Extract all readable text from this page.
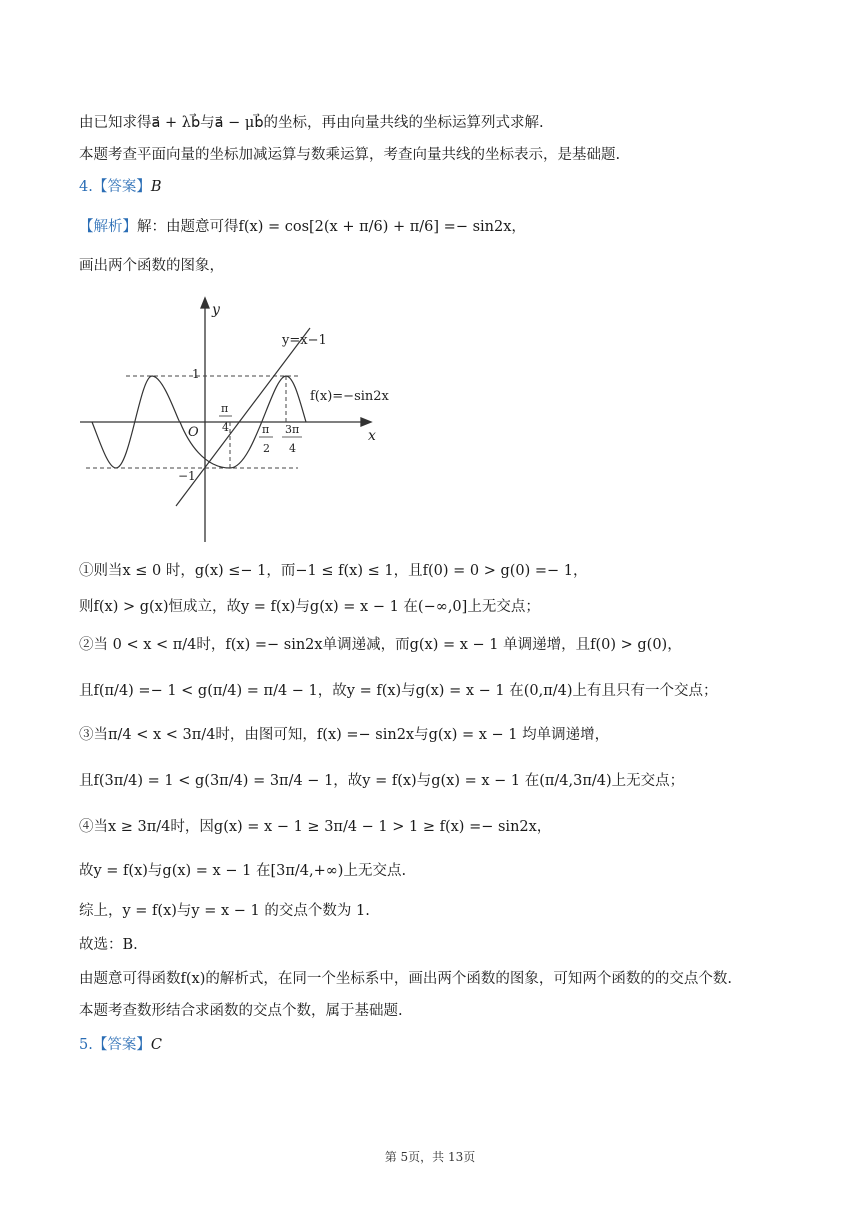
由已知求得a⃗ + λb⃗与a⃗ − μb⃗的坐标，再由向量共线的坐标运算列式求解.
本题考查平面向量的坐标加减运算与数乘运算，考查向量共线的坐标表示，是基础题.
4.【答案】B
【解析】解：由题意可得f(x) = cos[2(x + π/6) + π/6] =− sin2x，
画出两个函数的图象，
y
x
O
1
−1
y=x−1
f(x)=−sin2x
π
4	π
2
3π
4
①则当x ≤ 0 时，g(x) ≤− 1，而−1 ≤ f(x) ≤ 1，且f(0) = 0 > g(0) =− 1，
则f(x) > g(x)恒成立，故y = f(x)与g(x) = x − 1 在(−∞,0]上无交点；
②当 0 < x < π/4时，f(x) =− sin2x单调递减，而g(x) = x − 1 单调递增，且f(0) > g(0)，
且f(π/4) =− 1 < g(π/4) = π/4 − 1，故y = f(x)与g(x) = x − 1 在(0,π/4)上有且只有一个交点；
③当π/4 < x < 3π/4时，由图可知，f(x) =− sin2x与g(x) = x − 1 均单调递增，
且f(3π/4) = 1 < g(3π/4) = 3π/4 − 1，故y = f(x)与g(x) = x − 1 在(π/4,3π/4)上无交点；
④当x ≥ 3π/4时，因g(x) = x − 1 ≥ 3π/4 − 1 > 1 ≥ f(x) =− sin2x，
故y = f(x)与g(x) = x − 1 在[3π/4,+∞)上无交点.
综上，y = f(x)与y = x − 1 的交点个数为 1.
故选：B.
由题意可得函数f(x)的解析式，在同一个坐标系中，画出两个函数的图象，可知两个函数的的交点个数.
本题考查数形结合求函数的交点个数，属于基础题.
5.【答案】C
第 5页，共 13页
